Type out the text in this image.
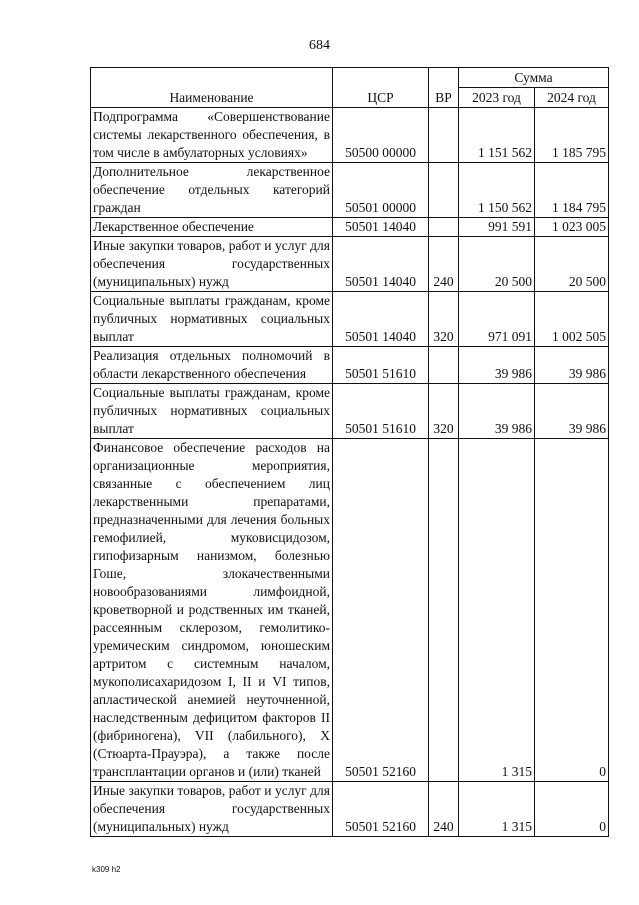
684
Наименование	ЦСР	ВР	Сумма	
			2023 год	2024 год
Подпрограмма «Совершенствование системы лекарственного обеспечения, в том числе в амбулаторных условиях»	50500 00000		1 151 562	1 185 795
Дополнительное лекарственное обеспечение отдельных категорий граждан	50501 00000		1 150 562	1 184 795
Лекарственное обеспечение	50501 14040		991 591	1 023 005
Иные закупки товаров, работ и услуг для обеспечения государственных (муниципальных) нужд	50501 14040	240	20 500	20 500
Социальные выплаты гражданам, кроме публичных нормативных социальных выплат	50501 14040	320	971 091	1 002 505
Реализация отдельных полномочий в области лекарственного обеспечения	50501 51610		39 986	39 986
Социальные выплаты гражданам, кроме публичных нормативных социальных выплат	50501 51610	320	39 986	39 986
Финансовое обеспечение расходов на организационные мероприятия, связанные с обеспечением лиц лекарственными препаратами, предназначенными для лечения больных гемофилией, муковисцидозом, гипофизарным нанизмом, болезнью Гоше, злокачественными новообразованиями лимфоидной, кроветворной и родственных им тканей, рассеянным склерозом, гемолитико-уремическим синдромом, юношеским артритом с системным началом, мукополисахаридозом I, II и VI типов, апластической анемией неуточненной, наследственным дефицитом факторов II (фибриногена), VII (лабильного), X (Стюарта-Прауэра), а также после трансплантации органов и (или) тканей	50501 52160		1 315	0
Иные закупки товаров, работ и услуг для обеспечения государственных (муниципальных) нужд	50501 52160	240	1 315	0
k309 h2
